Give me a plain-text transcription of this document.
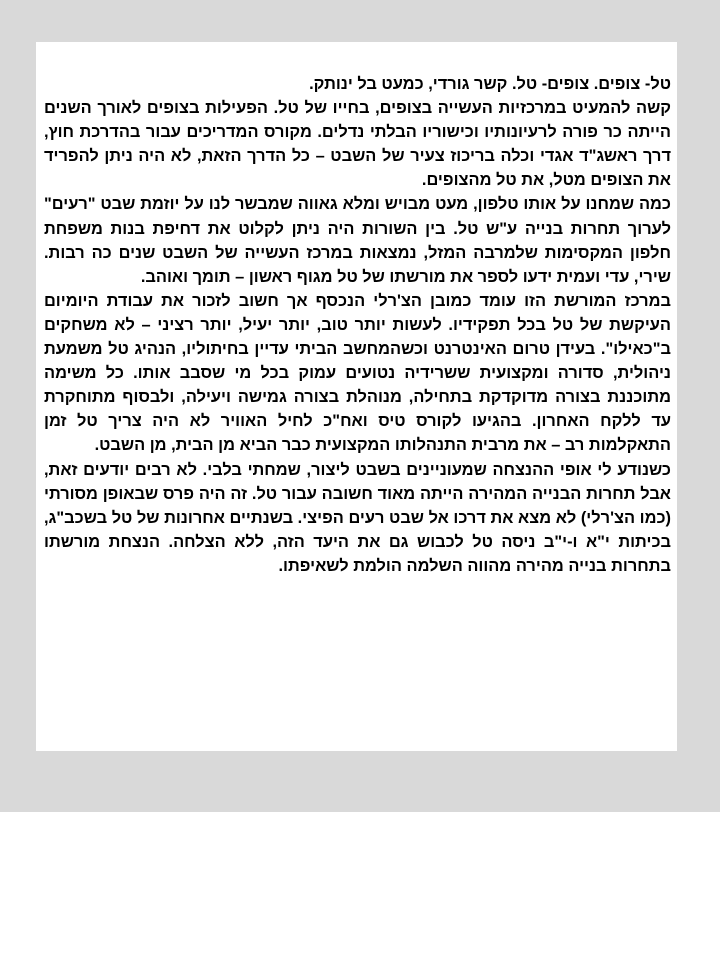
טל- צופים. צופים- טל. קשר גורדי, כמעט בל ינותק.

קשה להמעיט במרכזיות העשייה בצופים, בחייו של טל. הפעילות בצופים לאורך השנים הייתה כר פורה לרעיונותיו וכישוריו הבלתי נדלים. מקורס המדריכים עבור בהדרכת חוץ, דרך ראשג"ד אגדי וכלה בריכוז צעיר של השבט – כל הדרך הזאת, לא היה ניתן להפריד את הצופים מטל, את טל מהצופים.

כמה שמחנו על אותו טלפון, מעט מבויש ומלא גאווה שמבשר לנו על יוזמת שבט "רעים" לערוך תחרות בנייה ע"ש טל. בין השורות היה ניתן לקלוט את דחיפת בנות משפחת חלפון המקסימות שלמרבה המזל, נמצאות במרכז העשייה של השבט שנים כה רבות. שירי, עדי ועמית ידעו לספר את מורשתו של טל מגוף ראשון – תומך ואוהב.

במרכז המורשת הזו עומד כמובן הצ'רלי הנכסף אך חשוב לזכור את עבודת היומיום העיקשת של טל בכל תפקידיו. לעשות יותר טוב, יותר יעיל, יותר רציני – לא משחקים ב"כאילו". בעידן טרום האינטרנט וכשהמחשב הביתי עדיין בחיתוליו, הנהיג טל משמעת ניהולית, סדורה ומקצועית ששרידיה נטועים עמוק בכל מי שסבב אותו. כל משימה מתוכננת בצורה מדוקדקת בתחילה, מנוהלת בצורה גמישה ויעילה, ולבסוף מתוחקרת עד ללקח האחרון. בהגיעו לקורס טיס ואח"כ לחיל האוויר לא היה צריך טל זמן התאקלמות רב – את מרבית התנהלותו המקצועית כבר הביא מן הבית, מן השבט.

כשנודע לי אופי ההנצחה שמעוניינים בשבט ליצור, שמחתי בלבי. לא רבים יודעים זאת, אבל תחרות הבנייה המהירה הייתה מאוד חשובה עבור טל. זה היה פרס שבאופן מסורתי (כמו הצ'רלי) לא מצא את דרכו אל שבט רעים הפיצי. בשנתיים אחרונות של טל בשכב"ג, בכיתות י"א ו-י"ב ניסה טל לכבוש גם את היעד הזה, ללא הצלחה. הנצחת מורשתו בתחרות בנייה מהירה מהווה השלמה הולמת לשאיפתו.
